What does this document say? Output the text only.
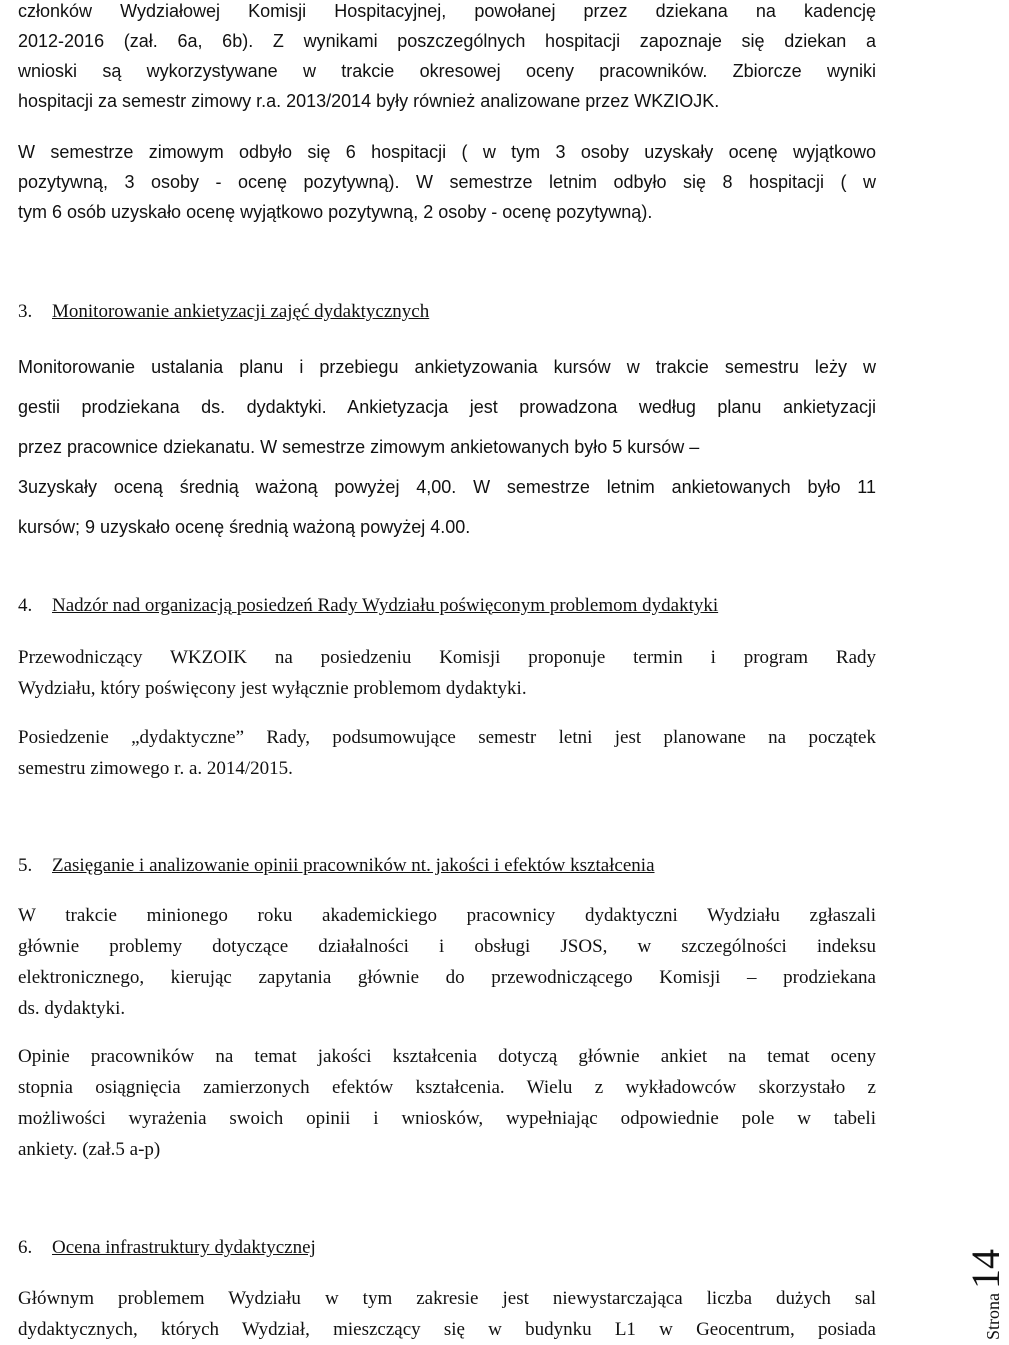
członków Wydziałowej Komisji Hospitacyjnej, powołanej przez dziekana na kadencję
2012-2016 (zał. 6a, 6b). Z wynikami poszczególnych hospitacji zapoznaje się dziekan a
wnioski są wykorzystywane w trakcie okresowej oceny pracowników. Zbiorcze wyniki
hospitacji za semestr zimowy r.a. 2013/2014 były również analizowane przez WKZIOJK.
W semestrze zimowym odbyło się 6 hospitacji ( w tym 3 osoby uzyskały ocenę wyjątkowo
pozytywną, 3 osoby - ocenę pozytywną). W semestrze letnim odbyło się 8 hospitacji ( w
tym 6 osób uzyskało ocenę wyjątkowo pozytywną, 2 osoby - ocenę pozytywną).
3. Monitorowanie ankietyzacji zajęć dydaktycznych
Monitorowanie ustalania planu i przebiegu ankietyzowania kursów w trakcie semestru leży w
gestii prodziekana ds. dydaktyki. Ankietyzacja jest prowadzona według planu ankietyzacji
przez pracownice dziekanatu. W semestrze zimowym ankietowanych było 5 kursów –
3uzyskały oceną średnią ważoną powyżej 4,00. W semestrze letnim ankietowanych było 11
kursów; 9 uzyskało ocenę średnią ważoną powyżej 4.00.
4. Nadzór nad organizacją posiedzeń Rady Wydziału poświęconym problemom dydaktyki
Przewodniczący WKZOIK na posiedzeniu Komisji proponuje termin i program Rady
Wydziału, który poświęcony jest wyłącznie problemom dydaktyki.
Posiedzenie „dydaktyczne” Rady, podsumowujące semestr letni jest planowane na początek
semestru zimowego r. a. 2014/2015.
5. Zasięganie i analizowanie opinii pracowników nt. jakości i efektów kształcenia
W trakcie minionego roku akademickiego pracownicy dydaktyczni Wydziału zgłaszali
głównie problemy dotyczące działalności i obsługi JSOS, w szczególności indeksu
elektronicznego, kierując zapytania głównie do przewodniczącego Komisji – prodziekana
ds. dydaktyki.
Opinie pracowników na temat jakości kształcenia dotyczą głównie ankiet na temat oceny
stopnia osiągnięcia zamierzonych efektów kształcenia. Wielu z wykładowców skorzystało z
możliwości wyrażenia swoich opinii i wniosków, wypełniając odpowiednie pole w tabeli
ankiety. (zał.5 a-p)
6. Ocena infrastruktury dydaktycznej
Głównym problemem Wydziału w tym zakresie jest niewystarczająca liczba dużych sal
dydaktycznych, których Wydział, mieszczący się w budynku L1 w Geocentrum, posiada	Strona 14
